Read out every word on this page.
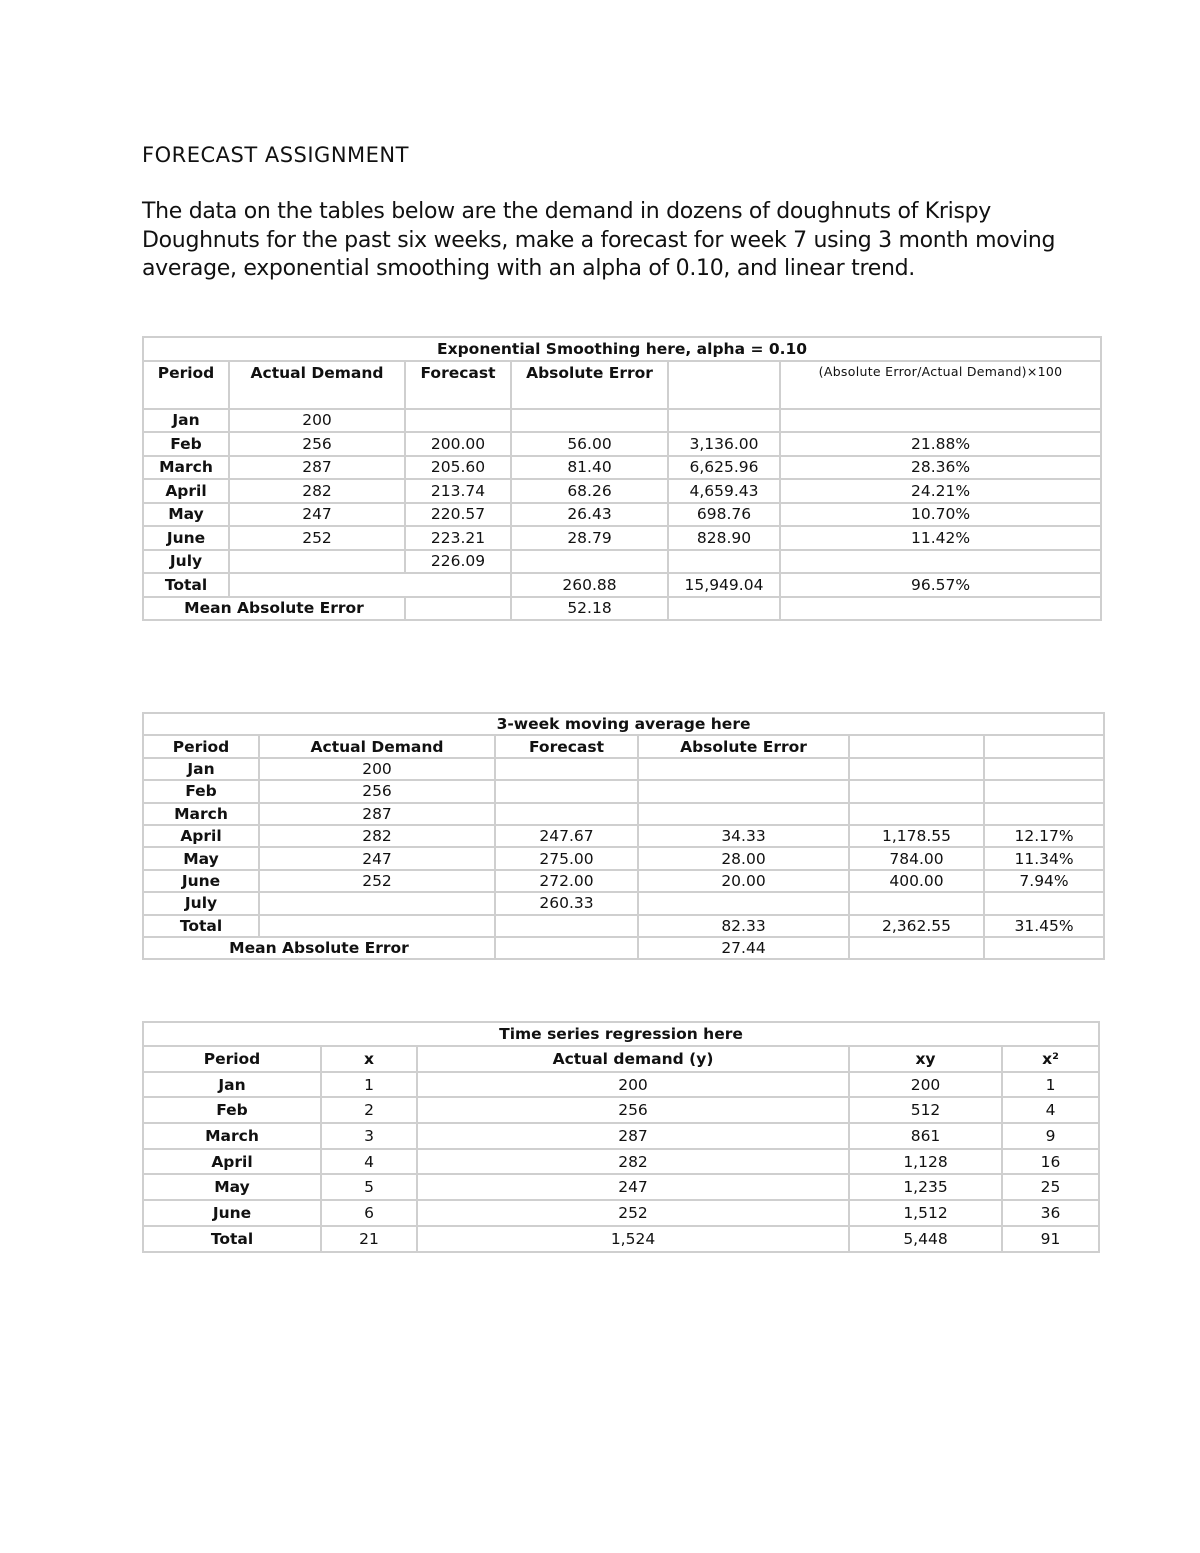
FORECAST ASSIGNMENT
The data on the tables below are the demand in dozens of doughnuts of Krispy Doughnuts for the past six weeks, make a forecast for week 7 using 3 month moving average, exponential smoothing with an alpha of 0.10, and linear trend.
Exponential Smoothing here, alpha = 0.10					
Period	Actual Demand	Forecast	Absolute Error		(Absolute Error/Actual Demand)×100
Jan	200				
Feb	256	200.00	56.00	3,136.00	21.88%
March	287	205.60	81.40	6,625.96	28.36%
April	282	213.74	68.26	4,659.43	24.21%
May	247	220.57	26.43	698.76	10.70%
June	252	223.21	28.79	828.90	11.42%
July		226.09			
Total			260.88	15,949.04	96.57%
Mean Absolute Error			52.18		
3-week moving average here					
Period	Actual Demand	Forecast	Absolute Error		
Jan	200				
Feb	256				
March	287				
April	282	247.67	34.33	1,178.55	12.17%
May	247	275.00	28.00	784.00	11.34%
June	252	272.00	20.00	400.00	7.94%
July		260.33			
Total			82.33	2,362.55	31.45%
Mean Absolute Error			27.44		
Time series regression here				
Period	x	Actual demand (y)	xy	x²
Jan	1	200	200	1
Feb	2	256	512	4
March	3	287	861	9
April	4	282	1,128	16
May	5	247	1,235	25
June	6	252	1,512	36
Total	21	1,524	5,448	91
